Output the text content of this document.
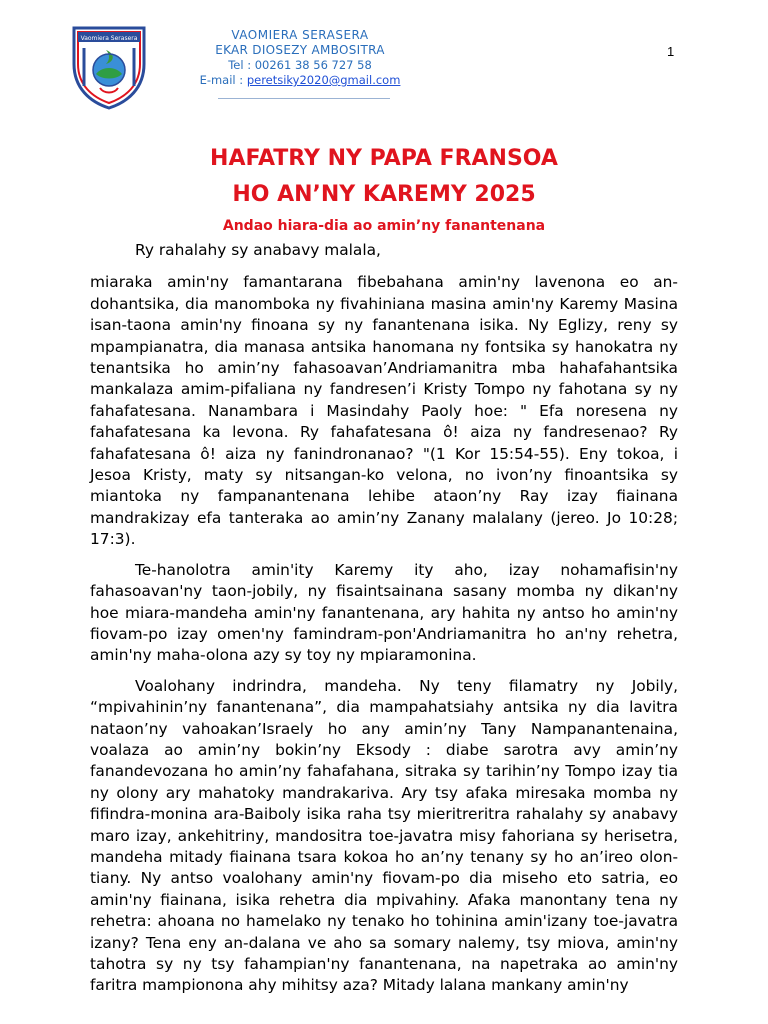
Vaomiera Serasera	VAOMIERA SERASERA
EKAR DIOSEZY AMBOSITRA
Tel : 00261 38 56 727 58
E-mail : peretsiky2020@gmail.com
1
HAFATRY NY PAPA FRANSOA
HO AN’NY KAREMY 2025
Andao hiara-dia ao amin’ny fanantenana

Ry rahalahy sy anabavy malala,

miaraka amin'ny famantarana fibebahana amin'ny lavenona eo an-dohantsika, dia manomboka ny fivahiniana masina amin'ny Karemy Masina isan-taona amin'ny finoana sy ny fanantenana isika. Ny Eglizy, reny sy mpampianatra, dia manasa antsika hanomana ny fontsika sy hanokatra ny tenantsika ho amin’ny fahasoavan’Andriamanitra mba hahafahantsika mankalaza amim-pifaliana ny fandresen’i Kristy Tompo ny fahotana sy ny fahafatesana. Nanambara i Masindahy Paoly hoe: " Efa noresena ny fahafatesana ka levona. Ry fahafatesana ô! aiza ny fandresenao? Ry fahafatesana ô! aiza ny fanindronanao? "(1 Kor 15:54-55). Eny tokoa, i Jesoa Kristy, maty sy nitsangan-ko velona, no ivon’ny finoantsika sy miantoka ny fampanantenana lehibe ataon’ny Ray izay fiainana mandrakizay efa tanteraka ao amin’ny Zanany malalany (jereo. Jo 10:28; 17:3).

Te-hanolotra amin'ity Karemy ity aho, izay nohamafisin'ny fahasoavan'ny taon-jobily, ny fisaintsainana sasany momba ny dikan'ny hoe miara-mandeha amin'ny fanantenana, ary hahita ny antso ho amin'ny fiovam-po izay omen'ny famindram-pon'Andriamanitra ho an'ny rehetra, amin'ny maha-olona azy sy toy ny mpiaramonina.

Voalohany indrindra, mandeha. Ny teny filamatry ny Jobily, “mpivahinin’ny fanantenana”, dia mampahatsiahy antsika ny dia lavitra nataon’ny vahoakan’Israely ho any amin’ny Tany Nampanantenaina, voalaza ao amin’ny bokin’ny Eksody : diabe sarotra avy amin’ny fanandevozana ho amin’ny fahafahana, sitraka sy tarihin’ny Tompo izay tia ny olony ary mahatoky mandrakariva. Ary tsy afaka miresaka momba ny fifindra-monina ara-Baiboly isika raha tsy mieritreritra rahalahy sy anabavy maro izay, ankehitriny, mandositra toe-javatra misy fahoriana sy herisetra, mandeha mitady fiainana tsara kokoa ho an’ny tenany sy ho an’ireo olon-tiany. Ny antso voalohany amin'ny fiovam-po dia miseho eto satria, eo amin'ny fiainana, isika rehetra dia mpivahiny. Afaka manontany tena ny rehetra: ahoana no hamelako ny tenako ho tohinina amin'izany toe-javatra izany? Tena eny an-dalana ve aho sa somary nalemy, tsy miova, amin'ny tahotra sy ny tsy fahampian'ny fanantenana, na napetraka ao amin'ny faritra mampionona ahy mihitsy aza? Mitady lalana mankany amin'ny
